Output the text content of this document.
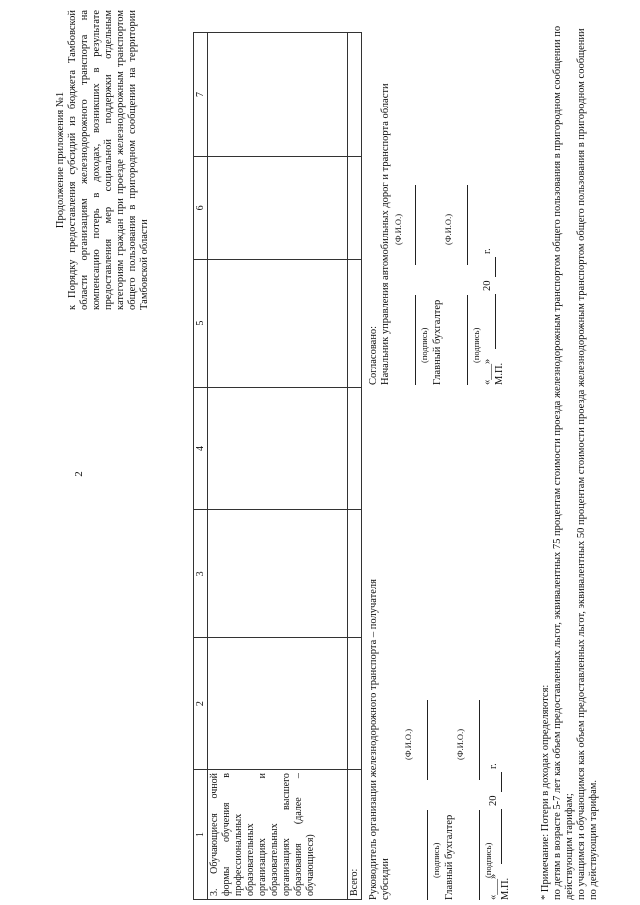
2
Продолжение приложения №1 к Порядку предоставления субсидий из бюджета Тамбовской области организациям железнодорожного транспорта на компенсацию потерь в доходах, возникших в результате предоставления мер социальной поддержки отдельным категориям граждан при проезде железнодорожным транспортом общего пользования в пригородном сообщении на территории Тамбовской области
1	2	3	4	5	6	7
3. Обучающиеся очной формы обучения в профессиональных образовательных организациях и образовательных организациях высшего образования (далее – обучающиеся)						
Всего:						Руководитель организации железнодорожного транспорта – получателя субсидии	(подпись)
(Ф.И.О.)
Главный бухгалтер	(подпись)
(Ф.И.О.)
«___»
20
г.
М.П.
Согласовано: Начальник управления автомобильных дорог и транспорта области	(подпись)
(Ф.И.О.)
Главный бухгалтер	(подпись)
(Ф.И.О.)
«___»
20
г.
М.П.
* Примечание: Потери в доходах определяются: по детям в возрасте 5-7 лет как объем предоставленных льгот, эквивалентных 75 процентам стоимости проезда железнодорожным транспортом общего пользования в пригородном сообщении по действующим тарифам; по учащимся и обучающимся как объем предоставленных льгот, эквивалентных 50 процентам стоимости проезда железнодорожным транспортом общего пользования в пригородном сообщении по действующим тарифам.
